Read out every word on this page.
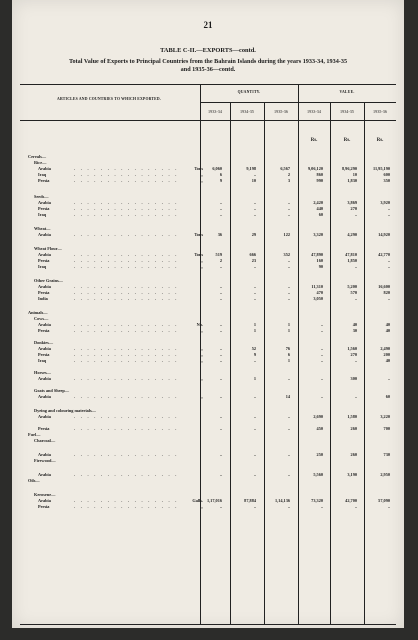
21
TABLE C-II.—EXPORTS—contd.
Total Value of Exports to Principal Countries from the Bahrain Islands during the years 1933-34, 1934-35
and 1935-36—contd.
ARTICLES AND COUNTRIES TO WHICH EXPORTED.
QUANTITY.	VALUE.
1933-34	1934-35	1935-36	1933-34	1934-35	1935-36
Rs.	Rs.	Rs.
Cereals—
Rice—
Arabia	. . . . . . . . . . . . . . . .	Tons	6,060	9,198	6,567	9,06,120	8,96,290	11,95,190
Iraq	. . . . . . . . . . . . . . . .	„	6	..	2	860	10	600
Persia	. . . . . . . . . . . . . . . .	„	9	10	3	990	1,830	350
Seeds—
Arabia	. . . . . . . . . . . . . . . .	..	..	..	2,420	3,869	3,920
Persia	. . . . . . . . . . . . . . . .	..	..	..	440	270	..
Iraq	. . . . . . . . . . . . . . . .	..	..	..	60	..	..
Wheat—
Arabia	. . . . . . . . . . . . . . . .	Tons	36	29	122	3,320	4,290	14,920
Wheat Flour—
Arabia	. . . . . . . . . . . . . . . .	Tons	519	666	352	47,890	47,810	42,770
Persia	. . . . . . . . . . . . . . . .	„	2	23	..	160	1,850	..
Iraq	. . . . . . . . . . . . . . . .	„	..	..	..	90	..	..
Other Grains—
Arabia	. . . . . . . . . . . . . . . .	..	..	..	11,310	5,200	16,600
Persia	. . . . . . . . . . . . . . . .	..	..	..	470	570	820
India	. . . . . . . . . . . . . . . .	..	..	..	3,050	..	..
Animals—
Cows—
Arabia	. . . . . . . . . . . . . . . .	No.	..	1	1	..	40	40
Persia	. . . . . . . . . . . . . . . .	„	..	1	1	..	30	40
Donkies—
Arabia	. . . . . . . . . . . . . . . .	„	..	52	76	..	1,560	2,490
Persia	. . . . . . . . . . . . . . . .	„	..	9	6	..	270	200
Iraq	. . . . . . . . . . . . . . . .	„	..	..	1	..	..	40
Horses—
Arabia	. . . . . . . . . . . . . . . .	„	..	1	..	..	300	..
Goats and Sheep—
Arabia	. . . . . . . . . . . . . . . .	„	..	..	14	..	..	60
Dyeing and colouring materials—
Arabia	. . . . . . . . . . . . . . . .	..	..	..	2,690	1,580	3,220
Persia	. . . . . . . . . . . . . . . .	..	..	..	450	260	700
Fuel—
Charcoal—
Arabia	. . . . . . . . . . . . . . . .	..	..	..	250	260	730
Firewood—
Arabia	. . . . . . . . . . . . . . . .	..	..	..	5,560	3,190	2,950
Oils—
Kerosene—
Arabia	. . . . . . . . . . . . . . . .	Galls. 1,17,016	87,884	1,14,136	73,320	42,700	57,090
Persia	. . . . . . . . . . . . . . . .	„	..	..	..	..	..	..
